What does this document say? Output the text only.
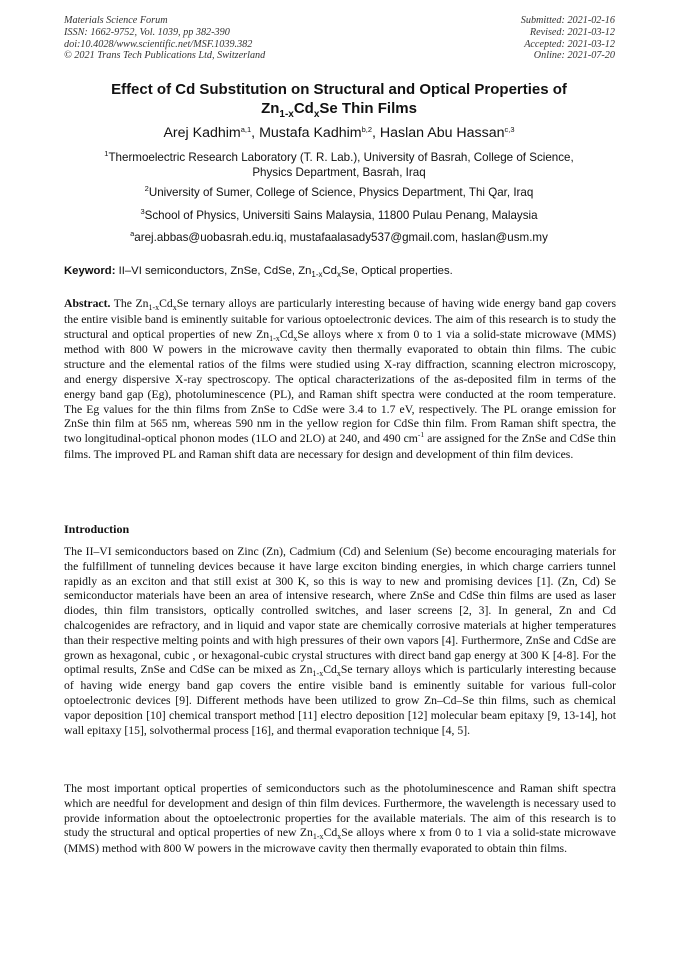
Materials Science Forum
ISSN: 1662-9752, Vol. 1039, pp 382-390
doi:10.4028/www.scientific.net/MSF.1039.382
© 2021 Trans Tech Publications Ltd, Switzerland
Submitted: 2021-02-16
Revised: 2021-03-12
Accepted: 2021-03-12
Online: 2021-07-20
Effect of Cd Substitution on Structural and Optical Properties of
$Zn_{1-x}Cd_xSe$ Thin Films
Arej Kadhim$^{a,1}$, Mustafa Kadhim$^{b,2}$, Haslan Abu Hassan$^{c,3}$
$^1$Thermoelectric Research Laboratory (T. R. Lab.), University of Basrah, College of Science,
Physics Department, Basrah, Iraq
$^2$University of Sumer, College of Science, Physics Department, Thi Qar, Iraq
$^3$School of Physics, Universiti Sains Malaysia, 11800 Pulau Penang, Malaysia
$^a$arej.abbas@uobasrah.edu.iq, mustafaalasady537@gmail.com, haslan@usm.my
Keyword: II–VI semiconductors, ZnSe, CdSe, $Zn_{1-x}Cd_xSe$, Optical properties.
Abstract. The $Zn_{1-x}Cd_xSe$ ternary alloys are particularly interesting because of having wide energy band gap covers the entire visible band is eminently suitable for various optoelectronic devices. The aim of this research is to study the structural and optical properties of new $Zn_{1-x}Cd_xSe$ alloys where x from 0 to 1 via a solid-state microwave (MMS) method with 800 W powers in the microwave cavity then thermally evaporated to obtain thin films. The cubic structure and the elemental ratios of the films were studied using X-ray diffraction, scanning electron microscopy, and energy dispersive X-ray spectroscopy. The optical characterizations of the as-deposited film in terms of the energy band gap (Eg), photoluminescence (PL), and Raman shift spectra were conducted at the room temperature. The Eg values for the thin films from ZnSe to CdSe were 3.4 to 1.7 eV, respectively. The PL orange emission for ZnSe thin film at 565 nm, whereas 590 nm in the yellow region for CdSe thin film. From Raman shift spectra, the two longitudinal-optical phonon modes (1LO and 2LO) at 240, and 490 $cm^{-1}$ are assigned for the ZnSe and CdSe thin films. The improved PL and Raman shift data are necessary for design and development of thin film devices.
Introduction
The II–VI semiconductors based on Zinc (Zn), Cadmium (Cd) and Selenium (Se) become encouraging materials for the fulfillment of tunneling devices because it have large exciton binding energies, in which charge carriers tunnel rapidly as an exciton and that still exist at 300 K, so this is way to new and promising devices [1]. (Zn, Cd) Se semiconductor materials have been an area of intensive research, where ZnSe and CdSe thin films are used as laser diodes, thin film transistors, optically controlled switches, and laser screens [2, 3]. In general, Zn and Cd chalcogenides are refractory, and in liquid and vapor state are chemically corrosive materials at higher temperatures than their respective melting points and with high pressures of their own vapors [4]. Furthermore, ZnSe and CdSe are grown as hexagonal, cubic , or hexagonal-cubic crystal structures with direct band gap energy at 300 K [4-8]. For the optimal results, ZnSe and CdSe can be mixed as $Zn_{1-x}Cd_xSe$ ternary alloys which is particularly interesting because of having wide energy band gap covers the entire visible band is eminently suitable for various full-color optoelectronic devices [9]. Different methods have been utilized to grow Zn–Cd–Se thin films, such as chemical vapor deposition [10] chemical transport method [11] electro deposition [12] molecular beam epitaxy [9, 13-14], hot wall epitaxy [15], solvothermal process [16], and thermal evaporation technique [4, 5].
The most important optical properties of semiconductors such as the photoluminescence and Raman shift spectra which are needful for development and design of thin film devices. Furthermore, the wavelength is necessary used to provide information about the optoelectronic properties for the available materials. The aim of this research is to study the structural and optical properties of new $Zn_{1-x}Cd_xSe$ alloys where x from 0 to 1 via a solid-state microwave (MMS) method with 800 W powers in the microwave cavity then thermally evaporated to obtain thin films.
